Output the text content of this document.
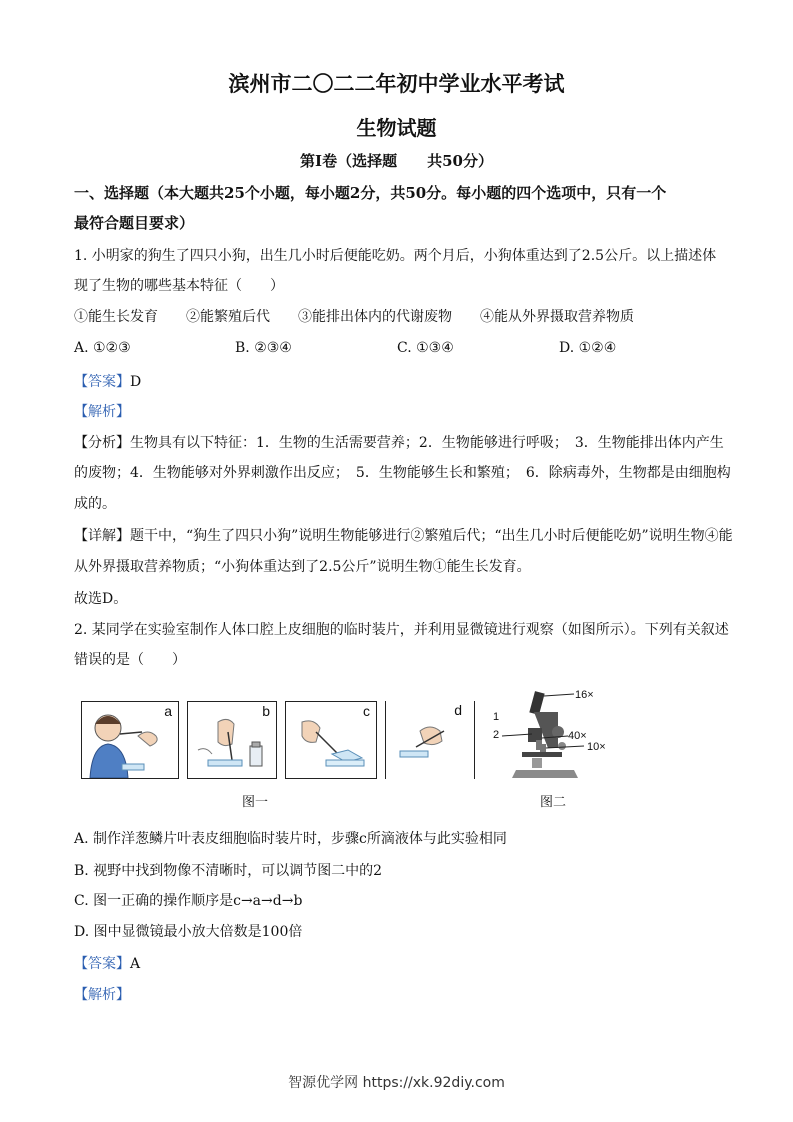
滨州市二〇二二年初中学业水平考试
生物试题
第Ⅰ卷（选择题　　共50分）
一、选择题（本大题共25个小题，每小题2分，共50分。每小题的四个选项中，只有一个
最符合题目要求）
1. 小明家的狗生了四只小狗，出生几小时后便能吃奶。两个月后，小狗体重达到了2.5公斤。以上描述体
现了生物的哪些基本特征（　　）
①能生长发育　　②能繁殖后代　　③能排出体内的代谢废物　　④能从外界摄取营养物质
A. ①②③	B. ②③④	C. ①③④	D. ①②④
【答案】D
【解析】
【分析】生物具有以下特征：1．生物的生活需要营养；2．生物能够进行呼吸；　3．生物能排出体内产生
的废物；4．生物能够对外界刺激作出反应；　5．生物能够生长和繁殖；　6．除病毒外，生物都是由细胞构
成的。
【详解】题干中，“狗生了四只小狗”说明生物能够进行②繁殖后代；“出生几小时后便能吃奶”说明生物④能
从外界摄取营养物质；“小狗体重达到了2.5公斤”说明生物①能生长发育。
故选D。
2. 某同学在实验室制作人体口腔上皮细胞的临时装片，并利用显微镜进行观察（如图所示）。下列有关叙述
错误的是（　　）
a	b	c	d
图一
16×
40×
10×
1
2
图二
A. 制作洋葱鳞片叶表皮细胞临时装片时，步骤c所滴液体与此实验相同
B. 视野中找到物像不清晰时，可以调节图二中的2
C. 图一正确的操作顺序是c→a→d→b
D. 图中显微镜最小放大倍数是100倍
【答案】A
【解析】
智源优学网 https://xk.92diy.com
